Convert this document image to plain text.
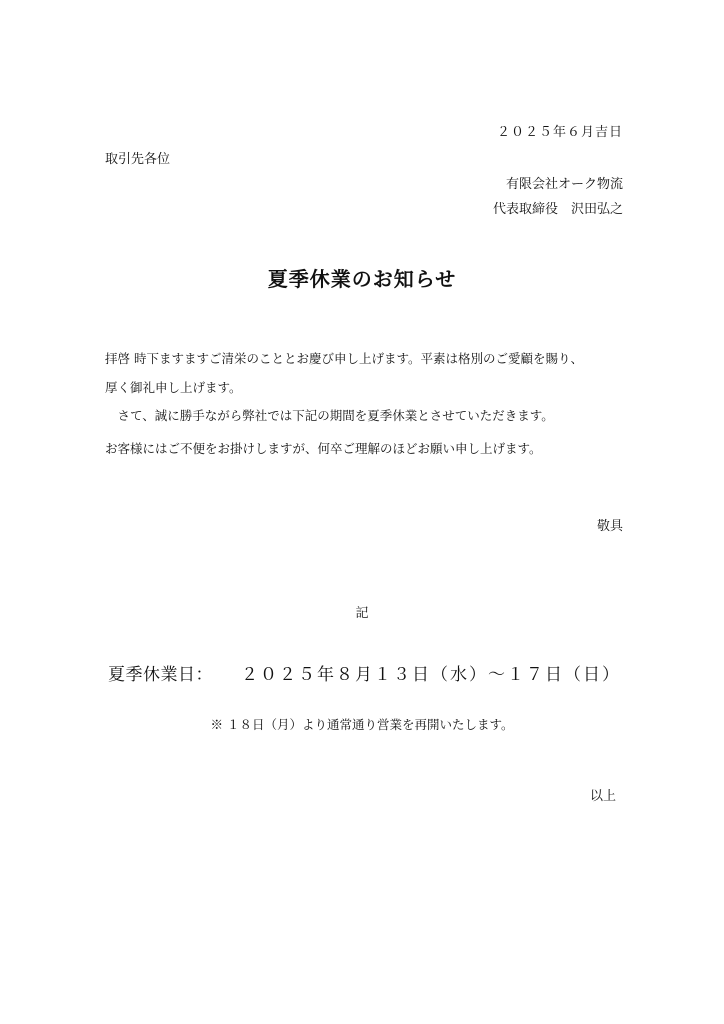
２０２５年６月吉日
取引先各位
有限会社オーク物流
代表取締役 沢田弘之
夏季休業のお知らせ
拝啓 時下ますますご清栄のこととお慶び申し上げます。平素は格別のご愛顧を賜り、
厚く御礼申し上げます。
　さて、誠に勝手ながら弊社では下記の期間を夏季休業とさせていただきます。
お客様にはご不便をお掛けしますが、何卒ご理解のほどお願い申し上げます。
敬具
記
夏季休業日： ２０２５年８月１３日（水）～１７日（日）
※ １８日（月）より通常通り営業を再開いたします。
以上
